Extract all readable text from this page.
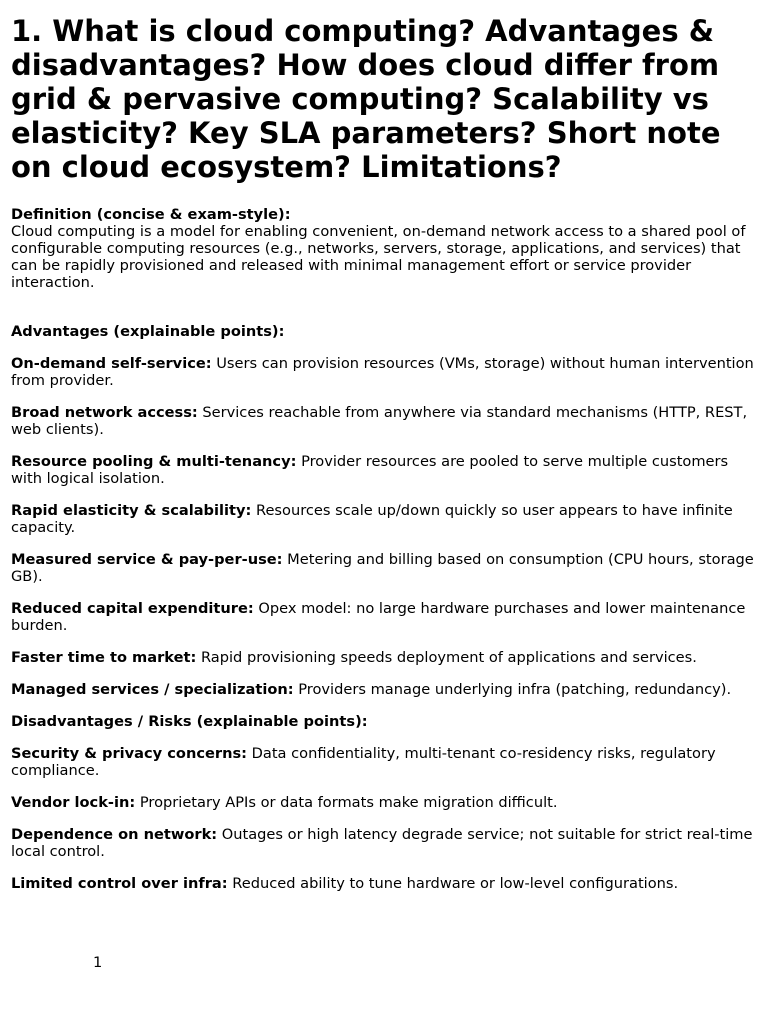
1. What is cloud computing? Advantages & disadvantages? How does cloud differ from grid & pervasive computing? Scalability vs elasticity? Key SLA parameters? Short note on cloud ecosystem? Limitations?
Definition (concise & exam-style):
Cloud computing is a model for enabling convenient, on-demand network access to a shared pool of configurable computing resources (e.g., networks, servers, storage, applications, and services) that can be rapidly provisioned and released with minimal management effort or service provider interaction.
Advantages (explainable points):
On-demand self-service: Users can provision resources (VMs, storage) without human intervention from provider.
Broad network access: Services reachable from anywhere via standard mechanisms (HTTP, REST, web clients).
Resource pooling & multi-tenancy: Provider resources are pooled to serve multiple customers with logical isolation.
Rapid elasticity & scalability: Resources scale up/down quickly so user appears to have infinite capacity.
Measured service & pay-per-use: Metering and billing based on consumption (CPU hours, storage GB).
Reduced capital expenditure: Opex model: no large hardware purchases and lower maintenance burden.
Faster time to market: Rapid provisioning speeds deployment of applications and services.
Managed services / specialization: Providers manage underlying infra (patching, redundancy).
Disadvantages / Risks (explainable points):
Security & privacy concerns: Data confidentiality, multi-tenant co-residency risks, regulatory compliance.
Vendor lock-in: Proprietary APIs or data formats make migration difficult.
Dependence on network: Outages or high latency degrade service; not suitable for strict real-time local control.
Limited control over infra: Reduced ability to tune hardware or low-level configurations.
1
